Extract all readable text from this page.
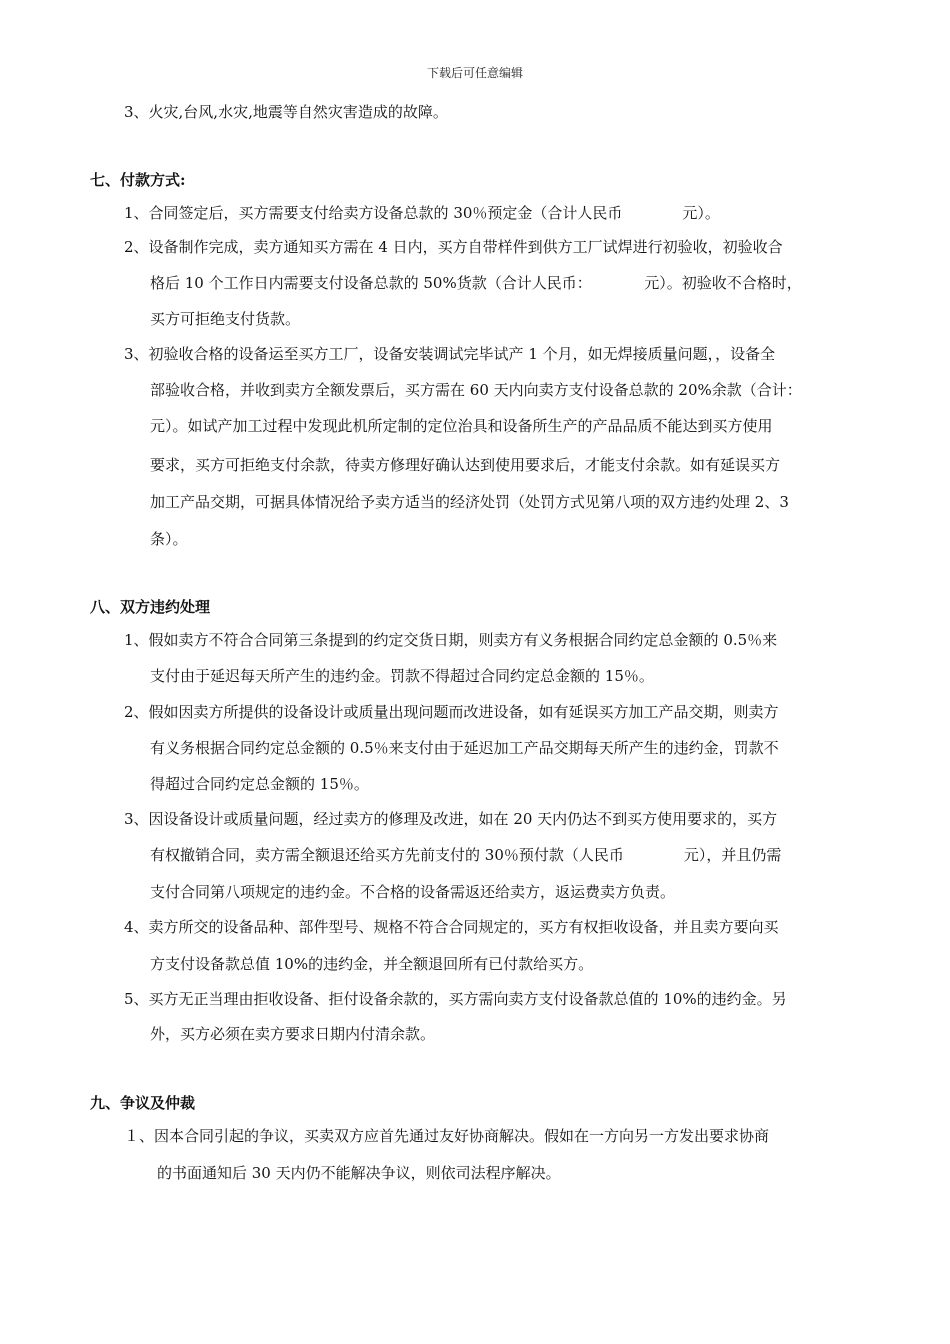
下载后可任意编辑
3、火灾,台风,水灾,地震等自然灾害造成的故障。
七、付款方式:
1、合同签定后，买方需要支付给卖方设备总款的 30％预定金（合计人民币　　　　元）。
2、设备制作完成，卖方通知买方需在 4 日内，买方自带样件到供方工厂试焊进行初验收，初验收合
格后 10 个工作日内需要支付设备总款的 50%货款（合计人民币：　　　　元）。初验收不合格时，
买方可拒绝支付货款。
3、初验收合格的设备运至买方工厂，设备安装调试完毕试产 1 个月，如无焊接质量问题，，设备全
部验收合格，并收到卖方全额发票后，买方需在 60 天内向卖方支付设备总款的 20%余款（合计：
元）。如试产加工过程中发现此机所定制的定位治具和设备所生产的产品品质不能达到买方使用
要求，买方可拒绝支付余款，待卖方修理好确认达到使用要求后，才能支付余款。如有延误买方
加工产品交期，可据具体情况给予卖方适当的经济处罚（处罚方式见第八项的双方违约处理 2、3
条）。
八、双方违约处理
1、假如卖方不符合合同第三条提到的约定交货日期，则卖方有义务根据合同约定总金额的 0.5％来
支付由于延迟每天所产生的违约金。罚款不得超过合同约定总金额的 15％。
2、假如因卖方所提供的设备设计或质量出现问题而改进设备，如有延误买方加工产品交期，则卖方
有义务根据合同约定总金额的 0.5％来支付由于延迟加工产品交期每天所产生的违约金，罚款不
得超过合同约定总金额的 15％。
3、因设备设计或质量问题，经过卖方的修理及改进，如在 20 天内仍达不到买方使用要求的，买方
有权撤销合同，卖方需全额退还给买方先前支付的 30％预付款（人民币　　　　元），并且仍需
支付合同第八项规定的违约金。不合格的设备需返还给卖方，返运费卖方负责。
4、卖方所交的设备品种、部件型号、规格不符合合同规定的，买方有权拒收设备，并且卖方要向买
方支付设备款总值 10%的违约金，并全额退回所有已付款给买方。
5、买方无正当理由拒收设备、拒付设备余款的，买方需向卖方支付设备款总值的 10%的违约金。另
外，买方必须在卖方要求日期内付清余款。
九、争议及仲裁
１、因本合同引起的争议，买卖双方应首先通过友好协商解决。假如在一方向另一方发出要求协商
的书面通知后 30 天内仍不能解决争议，则依司法程序解决。
